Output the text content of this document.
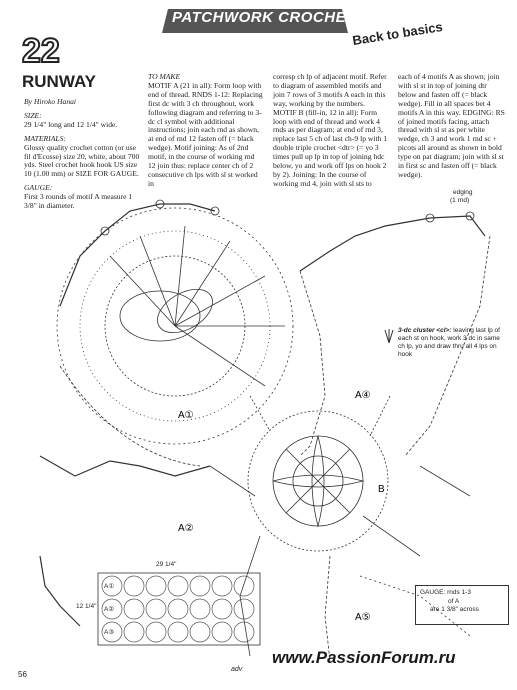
PATCHWORK CROCHET
Back to basics
22
RUNWAY

By Hiroko Hanai

SIZE:
29 1/4" long and 12 1/4" wide.

MATERIALS:
Glossy quality crochet cotton (or use fil d'Ecosse) size 20, white, about 700 yds. Steel crochet hook hook US size 10 (1.00 mm) or SIZE FOR GAUGE.

GAUGE:
First 3 rounds of motif A measure 1 3/8" in diameter.

TO MAKE

MOTIF A (21 in all): Form loop with end of thread. RNDS 1-12: Replacing first dc with 3 ch throughout, work following diagram and referring to 3-dc cl symbol with additional instructions; join each rnd as shown, at end of rnd 12 fasten off (= black wedge). Motif joining: As of 2nd motif, in the course of working rnd 12 join thus: replace center ch of 2 consecutive ch lps with sl st worked in

corresp ch lp of adjacent motif. Refer to diagram of assembled motifs and join 7 rows of 3 motifs A each in this way, working by the numbers. MOTIF B (fill-in, 12 in all): Form loop with end of thread and work 4 rnds as per diagram; at end of rnd 3, replace last 5 ch of last ch-9 lp with 1 double triple crochet <dtr> (= yo 3 times pull up lp in top of joining hdc below, yo and work off lps on hook 2 by 2). Joining: In the course of working rnd 4, join with sl sts to

each of 4 motifs A as shown; join with sl st in top of joining dtr below and fasten off (= black wedge). Fill in all spaces bet 4 motifs A in this way. EDGING: RS of joined motifs facing, attach thread with sl st as per white wedge, ch 3 and work 1 rnd sc + picots all around as shown in bold type on pat diagram; join with sl st in first sc and fasten off (= black wedge).

A①
A②
A④
A⑤
B
edging
(1 rnd)
3-dc cluster <cl>: leaving last lp of each st on hook, work 3 dc in same ch lp, yo and draw thru all 4 lps on hook
29 1/4"
12 1/4"
A①
A②
A③
GAUGE: rnds 1-3
of A
are 1 3/8" across
56
adv
www.PassionForum.ru
